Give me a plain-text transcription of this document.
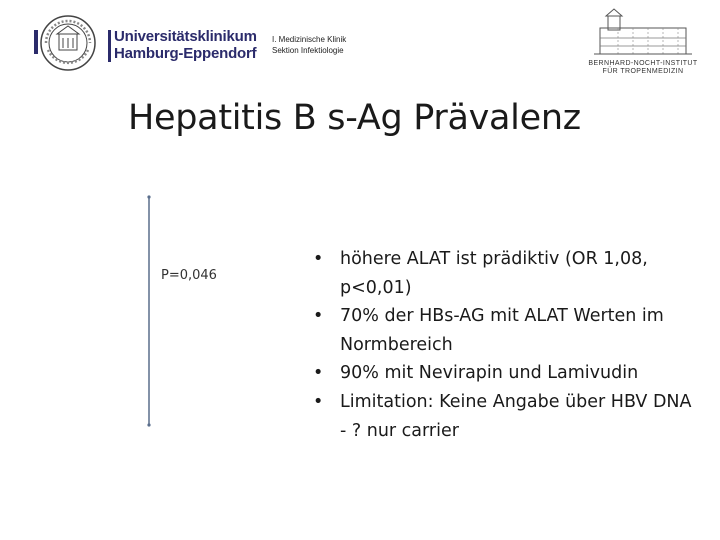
Universitätsklinikum
Hamburg-Eppendorf
I. Medizinische Klinik
Sektion Infektiologie
BERNHARD-NOCHT-INSTITUT
FÜR TROPENMEDIZIN
Hepatitis B s-Ag Prävalenz
P=0,046
• höhere ALAT ist prädiktiv (OR 1,08, p<0,01)
• 70% der HBs-AG mit ALAT Werten im Normbereich
• 90% mit Nevirapin und Lamivudin
• Limitation: Keine Angabe über HBV DNA - ? nur carrier
